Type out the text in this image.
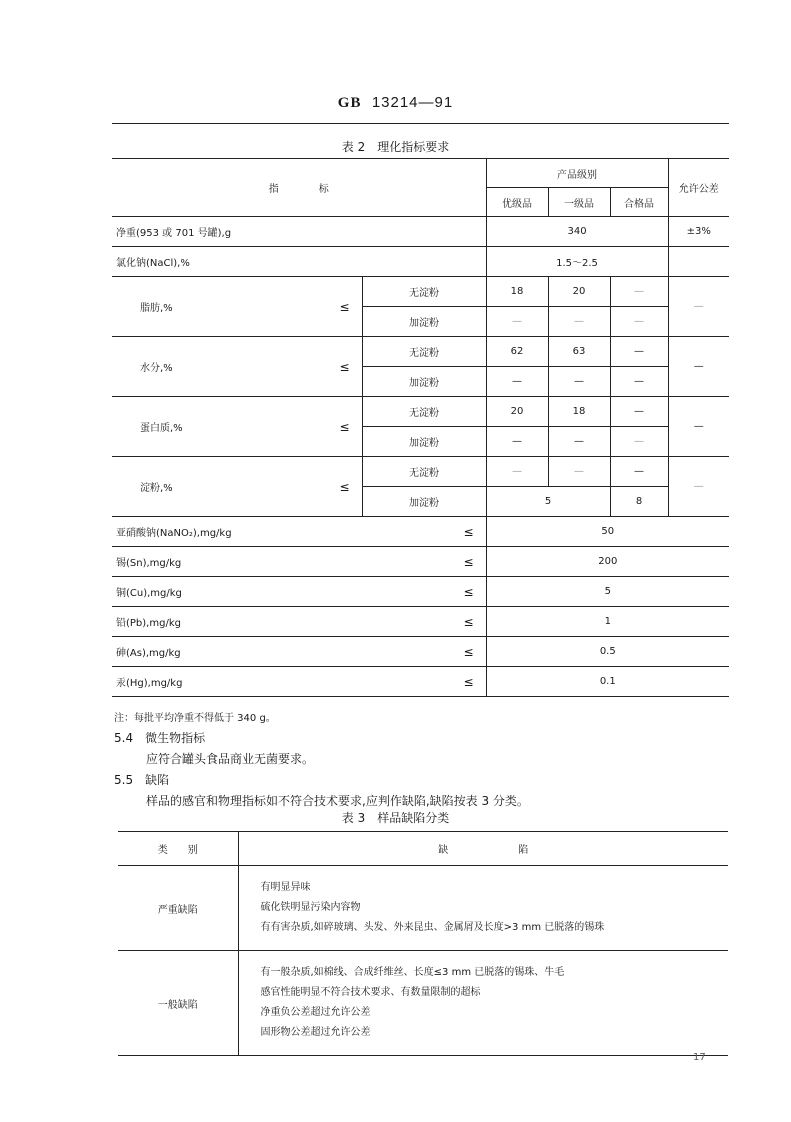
GB 13214—91
表 2　理化指标要求
指　　　　标			产品级别			允许公差
			优级品	一级品	合格品	
净重(953 或 701 号罐),g			340			±3%
氯化钠(NaCl),%			1.5～2.5			
脂肪,%	≤	无淀粉	18	20	—	—
		加淀粉	—	—	—	
水分,%	≤	无淀粉	62	63	—	—
		加淀粉	—	—	—	
蛋白质,%	≤	无淀粉	20	18	—	—
		加淀粉	—	—	—	
淀粉,%	≤	无淀粉	—	—	—	—
		加淀粉	5		8	
亚硝酸钠(NaNO₂),mg/kg		≤	50			
锡(Sn),mg/kg		≤	200			
铜(Cu),mg/kg		≤	5			
铅(Pb),mg/kg		≤	1			
砷(As),mg/kg		≤	0.5			
汞(Hg),mg/kg		≤	0.1			
注：每批平均净重不得低于 340 g。
5.4　微生物指标
应符合罐头食品商业无菌要求。
5.5　缺陷
样品的感官和物理指标如不符合技术要求,应判作缺陷,缺陷按表 3 分类。
表 3　样品缺陷分类
类　　别	缺　　　　　　　陷
严重缺陷	有明显异味
硫化铁明显污染内容物
有有害杂质,如碎玻璃、头发、外来昆虫、金属屑及长度>3 mm 已脱落的锡珠

一般缺陷	有一般杂质,如棉线、合成纤维丝、长度≤3 mm 已脱落的锡珠、牛毛
感官性能明显不符合技术要求、有数量限制的超标
净重负公差超过允许公差
固形物公差超过允许公差
17
